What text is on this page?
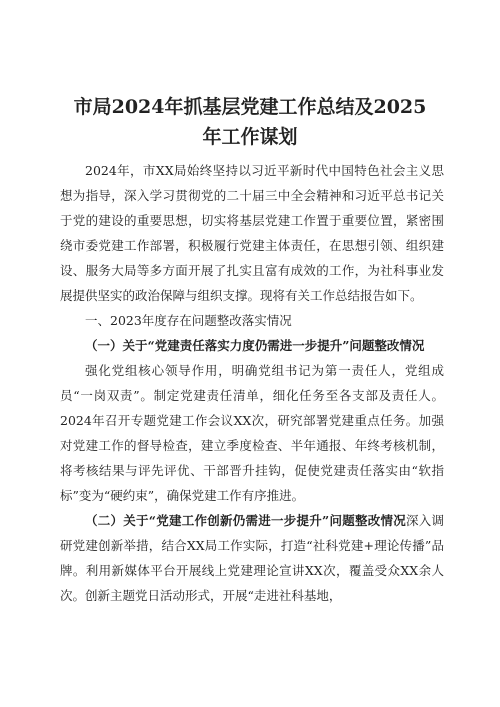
市局2024年抓基层党建工作总结及2025年工作谋划

2024年，市XX局始终坚持以习近平新时代中国特色社会主义思想为指导，深入学习贯彻党的二十届三中全会精神和习近平总书记关于党的建设的重要思想，切实将基层党建工作置于重要位置，紧密围绕市委党建工作部署，积极履行党建主体责任，在思想引领、组织建设、服务大局等多方面开展了扎实且富有成效的工作，为社科事业发展提供坚实的政治保障与组织支撑。现将有关工作总结报告如下。

一、2023年度存在问题整改落实情况

（一）关于“党建责任落实力度仍需进一步提升”问题整改情况

强化党组核心领导作用，明确党组书记为第一责任人，党组成员“一岗双责”。制定党建责任清单，细化任务至各支部及责任人。2024年召开专题党建工作会议XX次，研究部署党建重点任务。加强对党建工作的督导检查，建立季度检查、半年通报、年终考核机制，将考核结果与评先评优、干部晋升挂钩，促使党建责任落实由“软指标”变为“硬约束”，确保党建工作有序推进。

（二）关于“党建工作创新仍需进一步提升”问题整改情况深入调研党建创新举措，结合XX局工作实际，打造“社科党建+理论传播”品牌。利用新媒体平台开展线上党建理论宣讲XX次，覆盖受众XX余人次。创新主题党日活动形式，开展“走进社科基地，
